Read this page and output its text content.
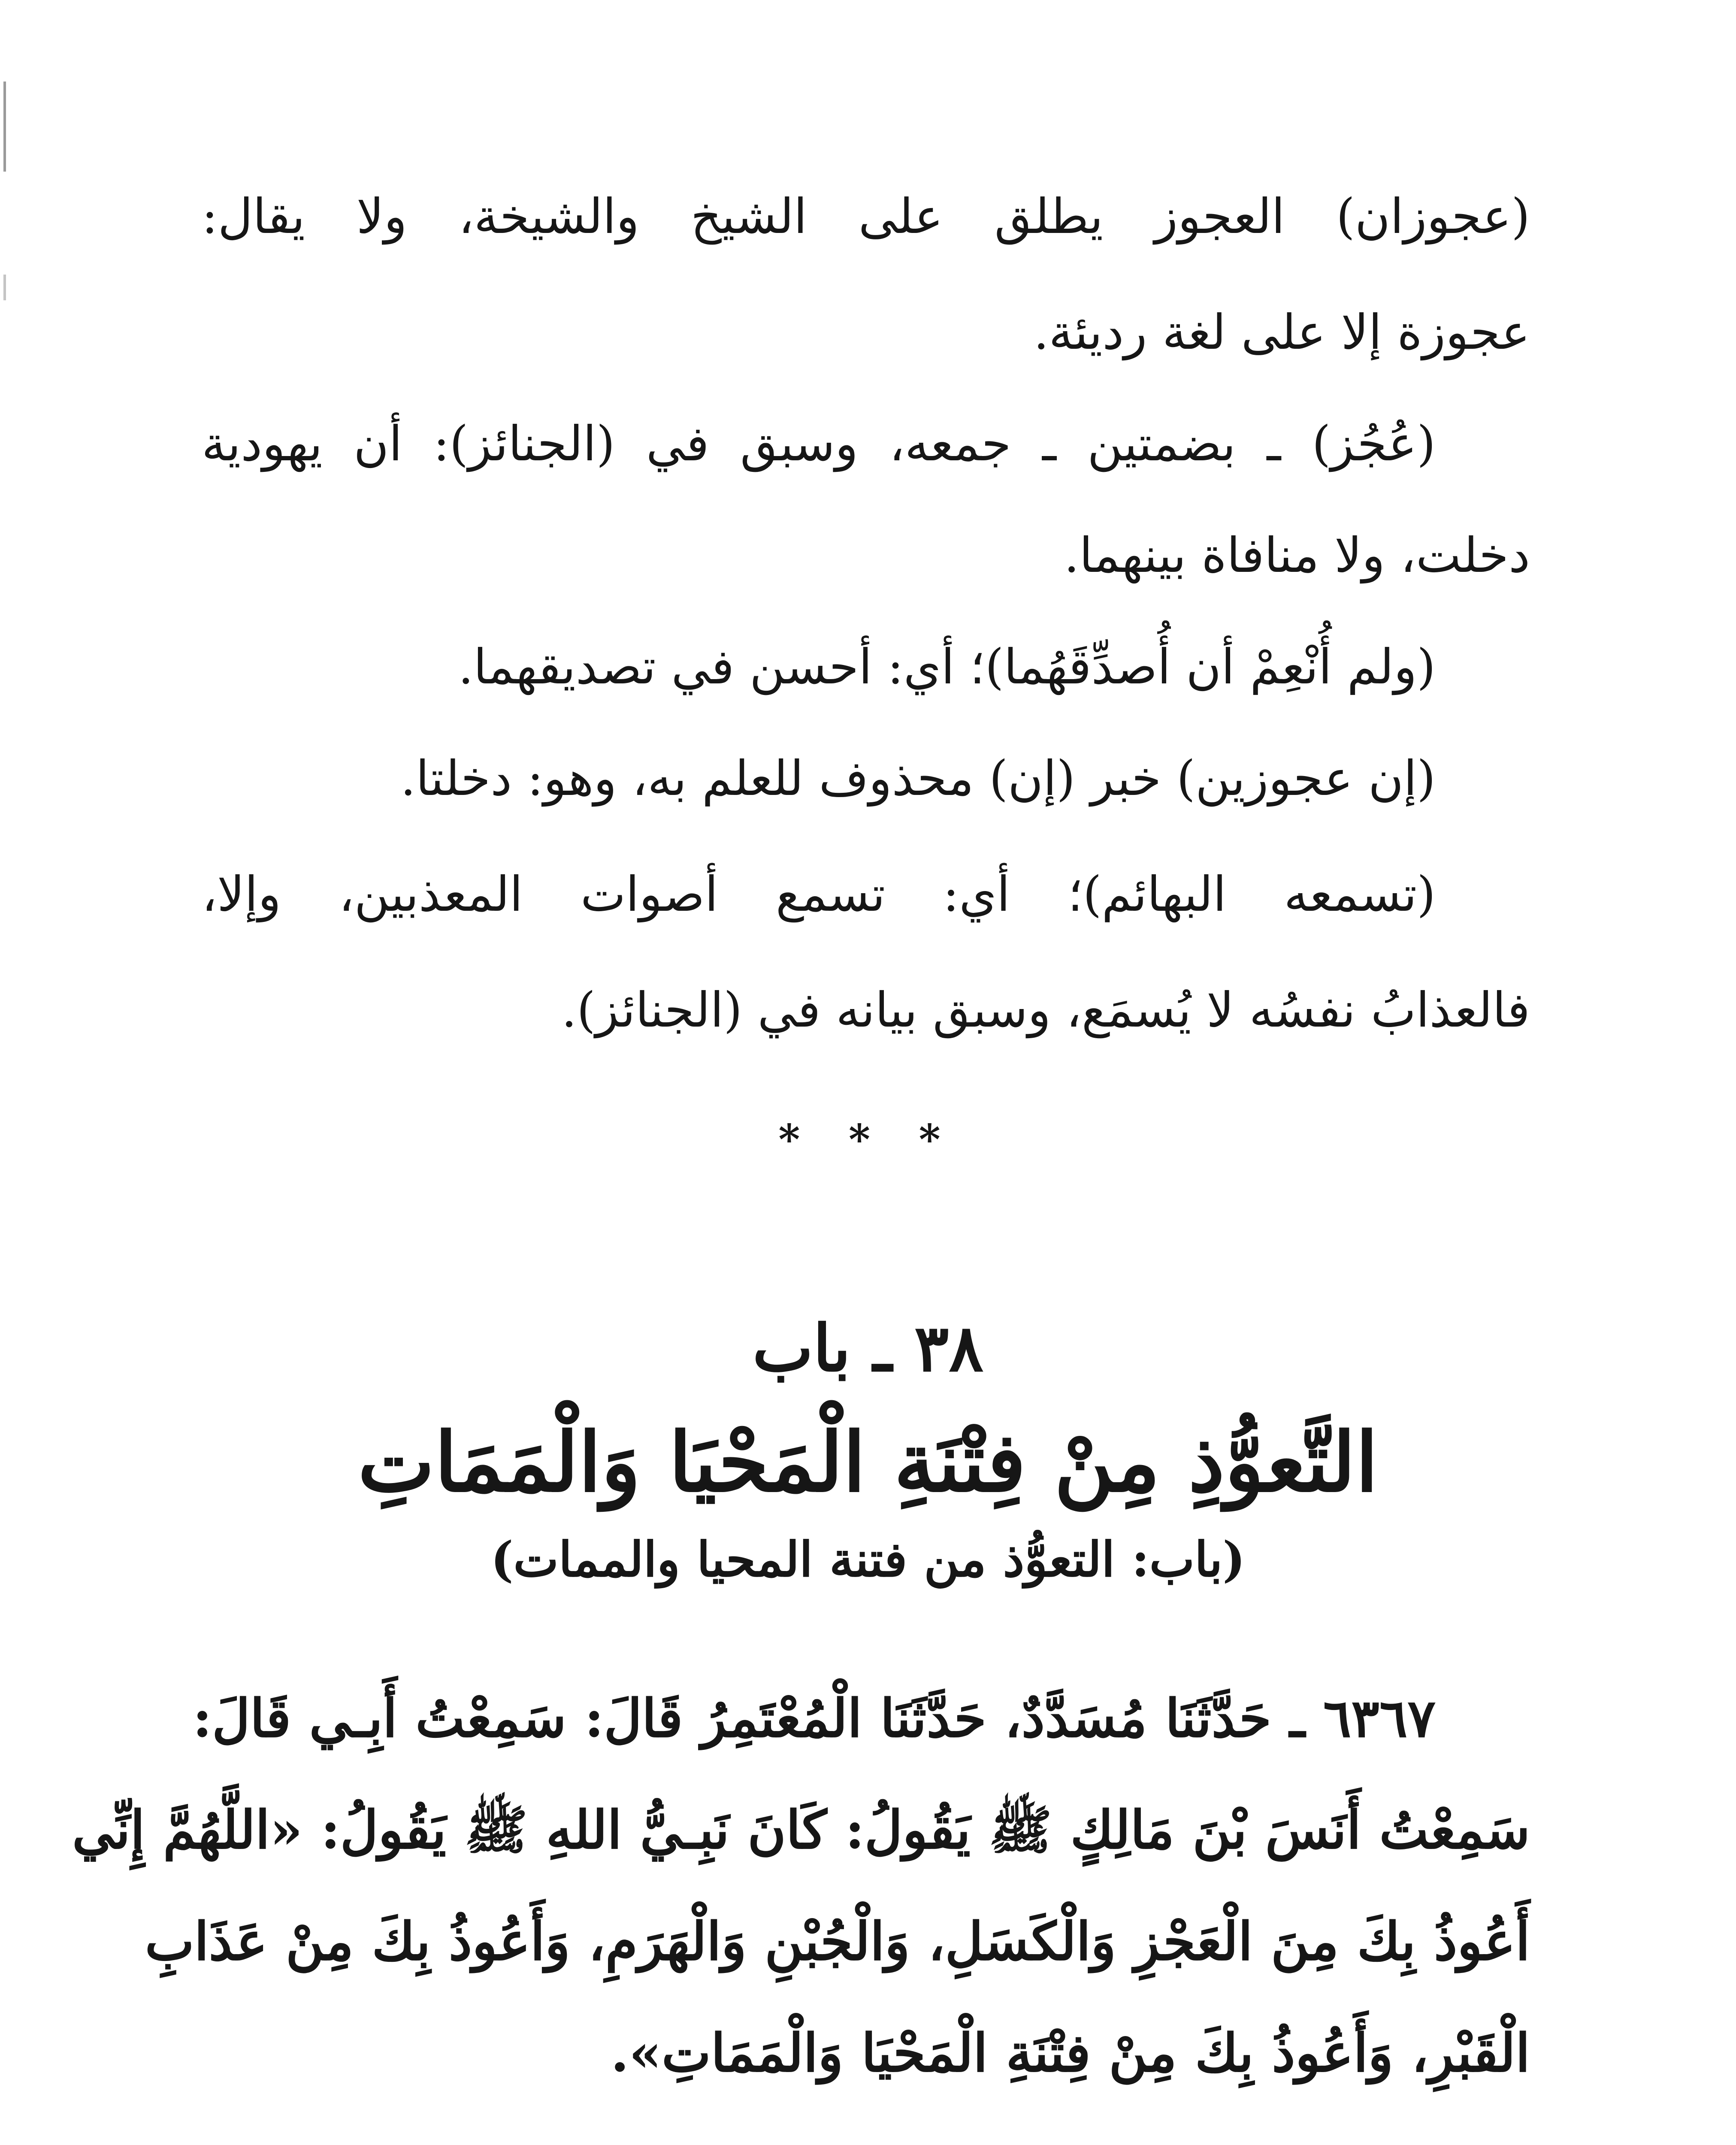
(عجوزان) العجوز يطلق على الشيخ والشيخة، ولا يقال:
عجوزة إلا على لغة رديئة.
(عُجُز) ـ بضمتين ـ جمعه، وسبق في (الجنائز): أن يهودية
دخلت، ولا منافاة بينهما.
(ولم أُنْعِمْ أن أُصدِّقَهُما)؛ أي: أحسن في تصديقهما.
(إن عجوزين) خبر (إن) محذوف للعلم به، وهو: دخلتا.
(تسمعه البهائم)؛ أي: تسمع أصوات المعذبين، وإلا،
فالعذابُ نفسُه لا يُسمَع، وسبق بيانه في (الجنائز).
* * *
٣٨ ـ باب
التَّعوُّذِ مِنْ فِتْنَةِ الْمَحْيَا وَالْمَمَاتِ
(باب: التعوُّذ من فتنة المحيا والممات)
٦٣٦٧ ـ حَدَّثَنَا مُسَدَّدٌ، حَدَّثَنَا الْمُعْتَمِرُ قَالَ: سَمِعْتُ أَبِـي قَالَ:
سَمِعْتُ أَنَسَ بْنَ مَالِكٍ ﷺ يَقُولُ: كَانَ نَبِـيُّ اللهِ ﷺ يَقُولُ: «اللَّهُمَّ إِنِّي
أَعُوذُ بِكَ مِنَ الْعَجْزِ وَالْكَسَلِ، وَالْجُبْنِ وَالْهَرَمِ، وَأَعُوذُ بِكَ مِنْ عَذَابِ
الْقَبْرِ، وَأَعُوذُ بِكَ مِنْ فِتْنَةِ الْمَحْيَا وَالْمَمَاتِ».
